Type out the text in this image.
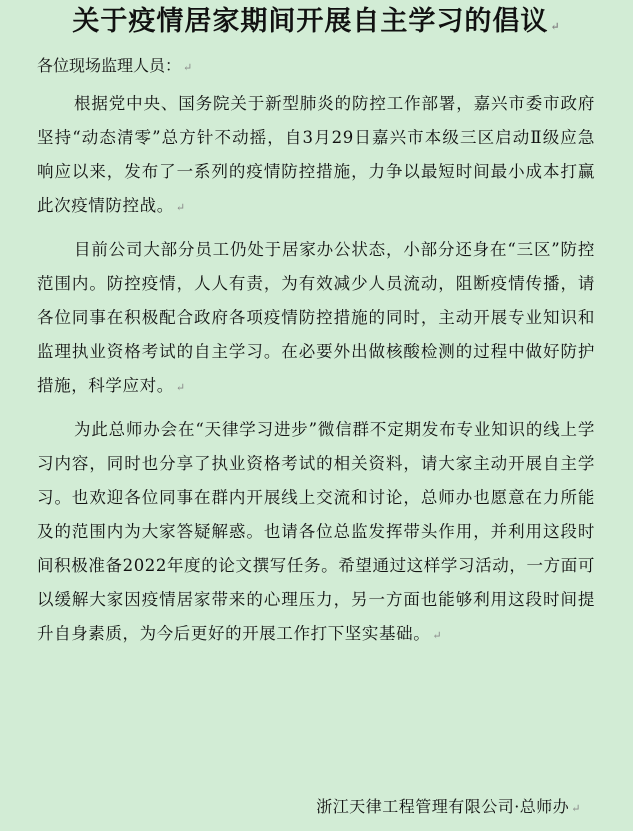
关于疫情居家期间开展自主学习的倡议 ↵
各位现场监理人员： ↵

根据党中央、国务院关于新型肺炎的防控工作部署，嘉兴市委市政府坚持“动态清零”总方针不动摇，自3月29日嘉兴市本级三区启动Ⅱ级应急响应以来，发布了一系列的疫情防控措施，力争以最短时间最小成本打赢此次疫情防控战。 ↵

目前公司大部分员工仍处于居家办公状态，小部分还身在“三区”防控范围内。防控疫情，人人有责，为有效减少人员流动，阻断疫情传播，请各位同事在积极配合政府各项疫情防控措施的同时，主动开展专业知识和监理执业资格考试的自主学习。在必要外出做核酸检测的过程中做好防护措施，科学应对。 ↵

为此总师办会在“天律学习进步”微信群不定期发布专业知识的线上学习内容，同时也分享了执业资格考试的相关资料，请大家主动开展自主学习。也欢迎各位同事在群内开展线上交流和讨论，总师办也愿意在力所能及的范围内为大家答疑解惑。也请各位总监发挥带头作用，并利用这段时间积极准备2022年度的论文撰写任务。希望通过这样学习活动，一方面可以缓解大家因疫情居家带来的心理压力，另一方面也能够利用这段时间提升自身素质，为今后更好的开展工作打下坚实基础。 ↵

浙江天律工程管理有限公司·总师办 ↵
